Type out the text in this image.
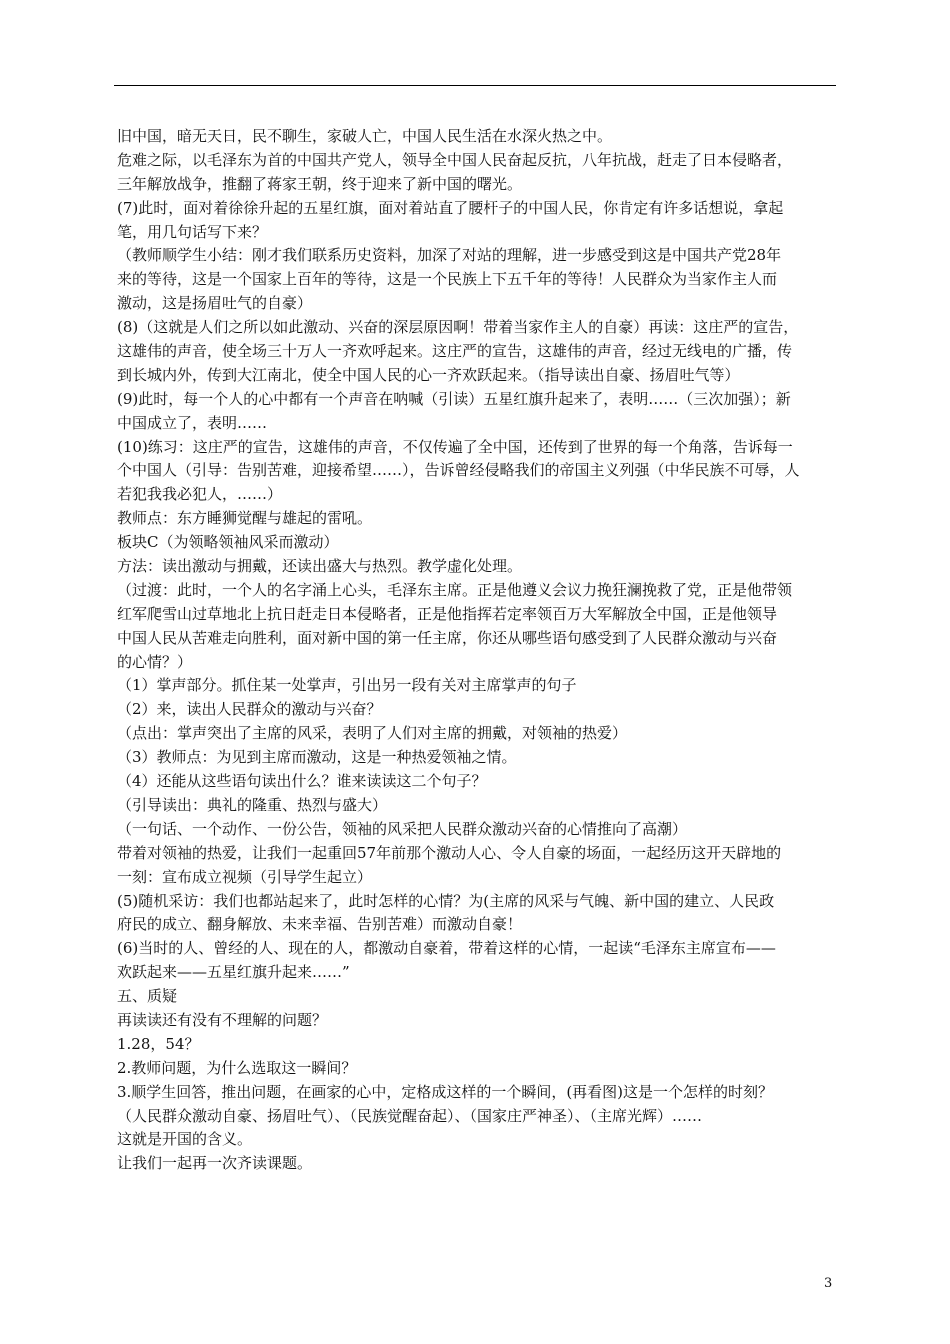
旧中国，暗无天日，民不聊生，家破人亡，中国人民生活在水深火热之中。
危难之际，以毛泽东为首的中国共产党人，领导全中国人民奋起反抗，八年抗战，赶走了日本侵略者，
三年解放战争，推翻了蒋家王朝，终于迎来了新中国的曙光。
(7)此时，面对着徐徐升起的五星红旗，面对着站直了腰杆子的中国人民，你肯定有许多话想说，拿起
笔，用几句话写下来？
（教师顺学生小结：刚才我们联系历史资料，加深了对站的理解，进一步感受到这是中国共产党28年
来的等待，这是一个国家上百年的等待，这是一个民族上下五千年的等待！人民群众为当家作主人而
激动，这是扬眉吐气的自豪）
(8)（这就是人们之所以如此激动、兴奋的深层原因啊！带着当家作主人的自豪）再读：这庄严的宣告，
这雄伟的声音，使全场三十万人一齐欢呼起来。这庄严的宣告，这雄伟的声音，经过无线电的广播，传
到长城内外，传到大江南北，使全中国人民的心一齐欢跃起来。（指导读出自豪、扬眉吐气等）
(9)此时，每一个人的心中都有一个声音在呐喊（引读）五星红旗升起来了，表明……（三次加强）；新
中国成立了，表明……
(10)练习：这庄严的宣告，这雄伟的声音，不仅传遍了全中国，还传到了世界的每一个角落，告诉每一
个中国人（引导：告别苦难，迎接希望……），告诉曾经侵略我们的帝国主义列强（中华民族不可辱，人
若犯我我必犯人，……）
教师点：东方睡狮觉醒与雄起的雷吼。
板块C（为领略领袖风采而激动）
方法：读出激动与拥戴，还读出盛大与热烈。教学虚化处理。
（过渡：此时，一个人的名字涌上心头，毛泽东主席。正是他遵义会议力挽狂澜挽救了党，正是他带领
红军爬雪山过草地北上抗日赶走日本侵略者，正是他指挥若定率领百万大军解放全中国，正是他领导
中国人民从苦难走向胜利，面对新中国的第一任主席，你还从哪些语句感受到了人民群众激动与兴奋
的心情？）
（1）掌声部分。抓住某一处掌声，引出另一段有关对主席掌声的句子
（2）来，读出人民群众的激动与兴奋？
（点出：掌声突出了主席的风采，表明了人们对主席的拥戴，对领袖的热爱）
（3）教师点：为见到主席而激动，这是一种热爱领袖之情。
（4）还能从这些语句读出什么？谁来读读这二个句子？
（引导读出：典礼的隆重、热烈与盛大）
（一句话、一个动作、一份公告，领袖的风采把人民群众激动兴奋的心情推向了高潮）
带着对领袖的热爱，让我们一起重回57年前那个激动人心、令人自豪的场面，一起经历这开天辟地的
一刻：宣布成立视频（引导学生起立）
(5)随机采访：我们也都站起来了，此时怎样的心情？为(主席的风采与气魄、新中国的建立、人民政
府民的成立、翻身解放、未来幸福、告别苦难）而激动自豪！
(6)当时的人、曾经的人、现在的人，都激动自豪着，带着这样的心情，一起读“毛泽东主席宣布——
欢跃起来——五星红旗升起来……”
五、质疑
再读读还有没有不理解的问题？
1.28，54？
2.教师问题，为什么选取这一瞬间？
3.顺学生回答，推出问题，在画家的心中，定格成这样的一个瞬间，(再看图)这是一个怎样的时刻？
（人民群众激动自豪、扬眉吐气）、（民族觉醒奋起）、（国家庄严神圣）、（主席光辉）……
这就是开国的含义。
让我们一起再一次齐读课题。
3
